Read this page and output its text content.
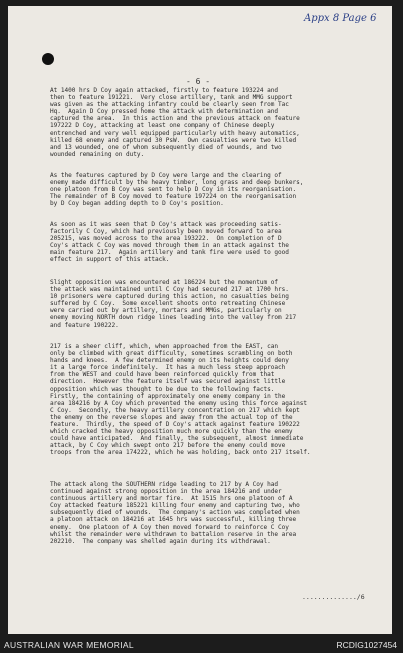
Appx 8 Page 6
- 6 -

At 1400 hrs D Coy again attacked, firstly to feature 193224 and
then to feature 191221.  Very close artillery, tank and MMG support
was given as the attacking infantry could be clearly seen from Tac
Hq.  Again D Coy pressed home the attack with determination and
captured the area.  In this action and the previous attack on feature
197222 D Coy, attacking at least one company of Chinese deeply
entrenched and very well equipped particularly with heavy automatics,
killed 68 enemy and captured 30 PsW.  Own casualties were two killed
and 13 wounded, one of whom subsequently died of wounds, and two
wounded remaining on duty.

As the features captured by D Coy were large and the clearing of
enemy made difficult by the heavy timber, long grass and deep bunkers,
one platoon from B Coy was sent to help D Coy in its reorganisation.
The remainder of B Coy moved to feature 197224 on the reorganisation
by D Coy began adding depth to D Coy's position.

As soon as it was seen that D Coy's attack was proceeding satis-
factorily C Coy, which had previously been moved forward to area
205215, was moved across to the area 193222.  On completion of D
Coy's attack C Coy was moved through them in an attack against the
main feature 217.  Again artillery and tank fire were used to good
effect in support of this attack.

Slight opposition was encountered at 186224 but the momentum of
the attack was maintained until C Coy had secured 217 at 1700 hrs.
10 prisoners were captured during this action, no casualties being
suffered by C Coy.  Some excellent shoots onto retreating Chinese
were carried out by artillery, mortars and MMGs, particularly on
enemy moving NORTH down ridge lines leading into the valley from 217
and feature 190222.

217 is a sheer cliff, which, when approached from the EAST, can
only be climbed with great difficulty, sometimes scrambling on both
hands and knees.  A few determined enemy on its heights could deny
it a large force indefinitely.  It has a much less steep approach
from the WEST and could have been reinforced quickly from that
direction.  However the feature itself was secured against little
opposition which was thought to be due to the following facts.
Firstly, the containing of approximately one enemy company in the
area 184216 by A Coy which prevented the enemy using this force against
C Coy.  Secondly, the heavy artillery concentration on 217 which kept
the enemy on the reverse slopes and away from the actual top of the
feature.  Thirdly, the speed of D Coy's attack against feature 190222
which cracked the heavy opposition much more quickly than the enemy
could have anticipated.  And finally, the subsequent, almost immediate
attack, by C Coy which swept onto 217 before the enemy could move
troops from the area 174222, which he was holding, back onto 217 itself.

The attack along the SOUTHERN ridge leading to 217 by A Coy had
continued against strong opposition in the area 184216 and under
continuous artillery and mortar fire.  At 1515 hrs one platoon of A
Coy attacked feature 185221 killing four enemy and capturing two, who
subsequently died of wounds.  The company's action was completed when
a platoon attack on 184216 at 1645 hrs was successful, killing three
enemy.  One platoon of A Coy then moved forward to reinforce C Coy
whilst the remainder were withdrawn to battalion reserve in the area
202210.  The company was shelled again during its withdrawal.

............../6
AUSTRALIAN WAR MEMORIAL	RCDIG1027454
